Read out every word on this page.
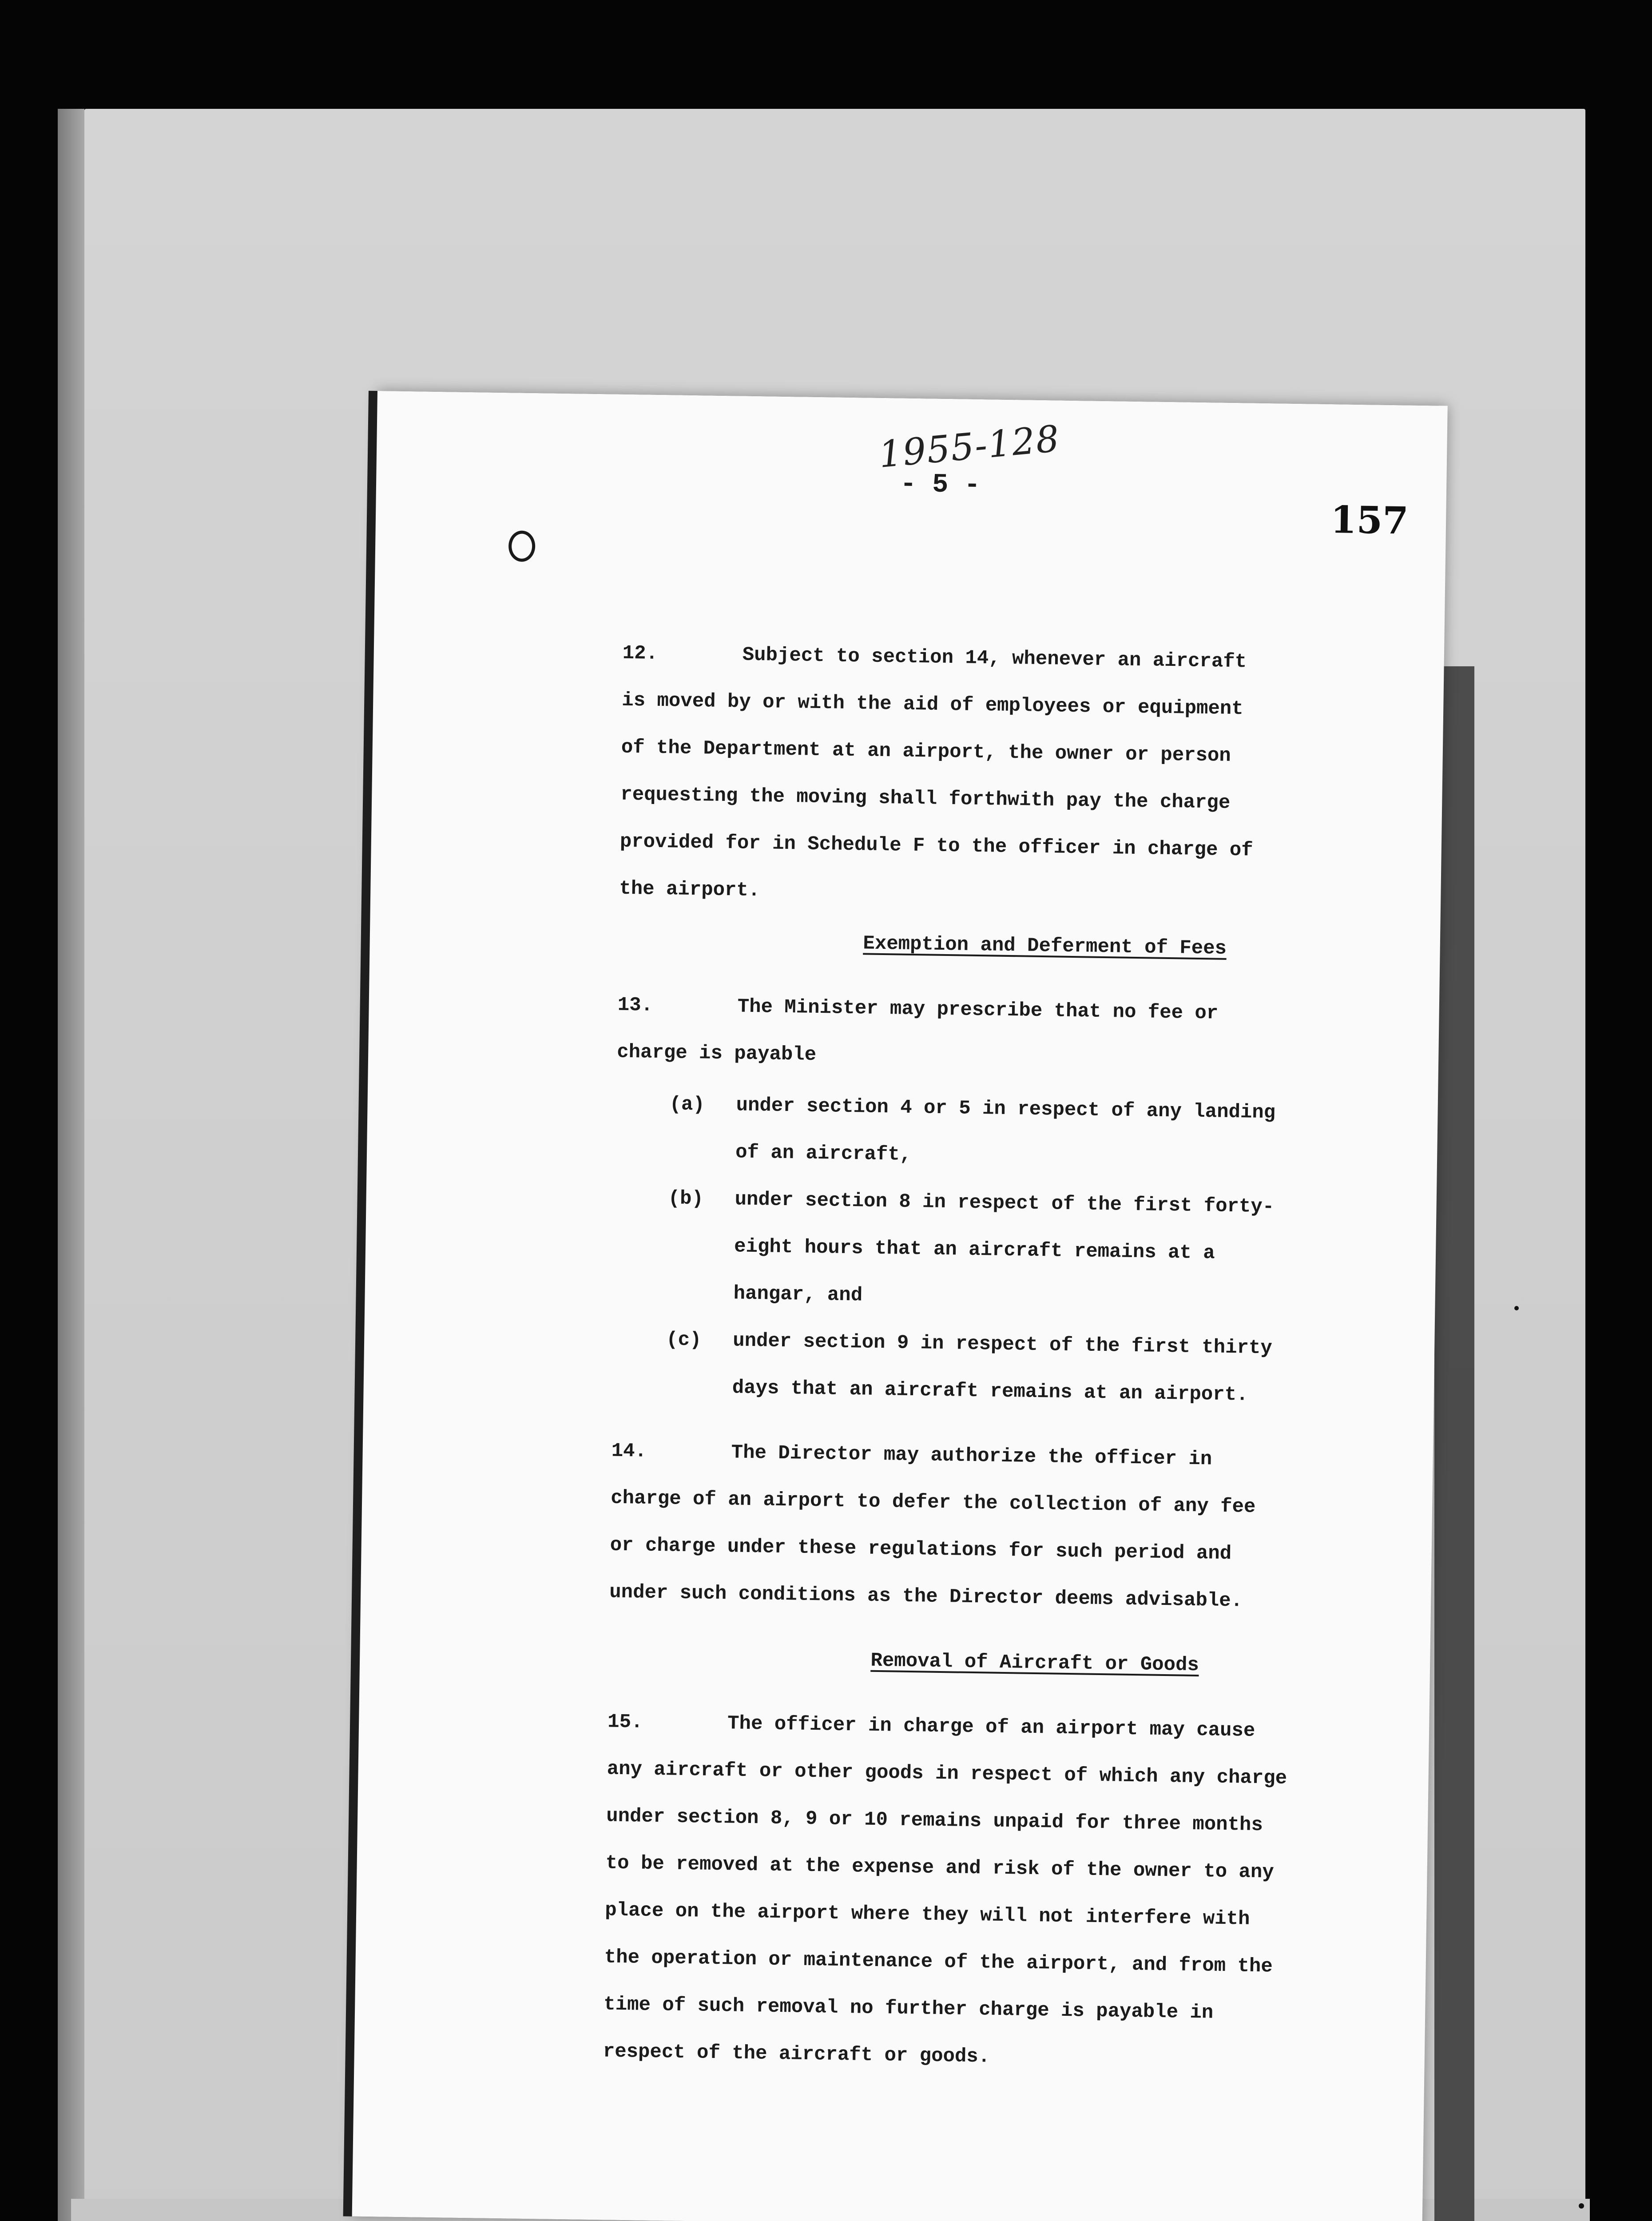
1955-128
- 5 -
157
12.	Subject to section 14, whenever an aircraft
is moved by or with the aid of employees or equipment
of the Department at an airport, the owner or person
requesting the moving shall forthwith pay the charge
provided for in Schedule F to the officer in charge of
the airport.
Exemption and Deferment of Fees
13.	The Minister may prescribe that no fee or
charge is payable
(a) under section 4 or 5 in respect of any landing
of an aircraft,
(b) under section 8 in respect of the first forty-
eight hours that an aircraft remains at a
hangar, and
(c) under section 9 in respect of the first thirty
days that an aircraft remains at an airport.
14.	The Director may authorize the officer in
charge of an airport to defer the collection of any fee
or charge under these regulations for such period and
under such conditions as the Director deems advisable.
Removal of Aircraft or Goods
15.	The officer in charge of an airport may cause
any aircraft or other goods in respect of which any charge
under section 8, 9 or 10 remains unpaid for three months
to be removed at the expense and risk of the owner to any
place on the airport where they will not interfere with
the operation or maintenance of the airport, and from the
time of such removal no further charge is payable in
respect of the aircraft or goods.
